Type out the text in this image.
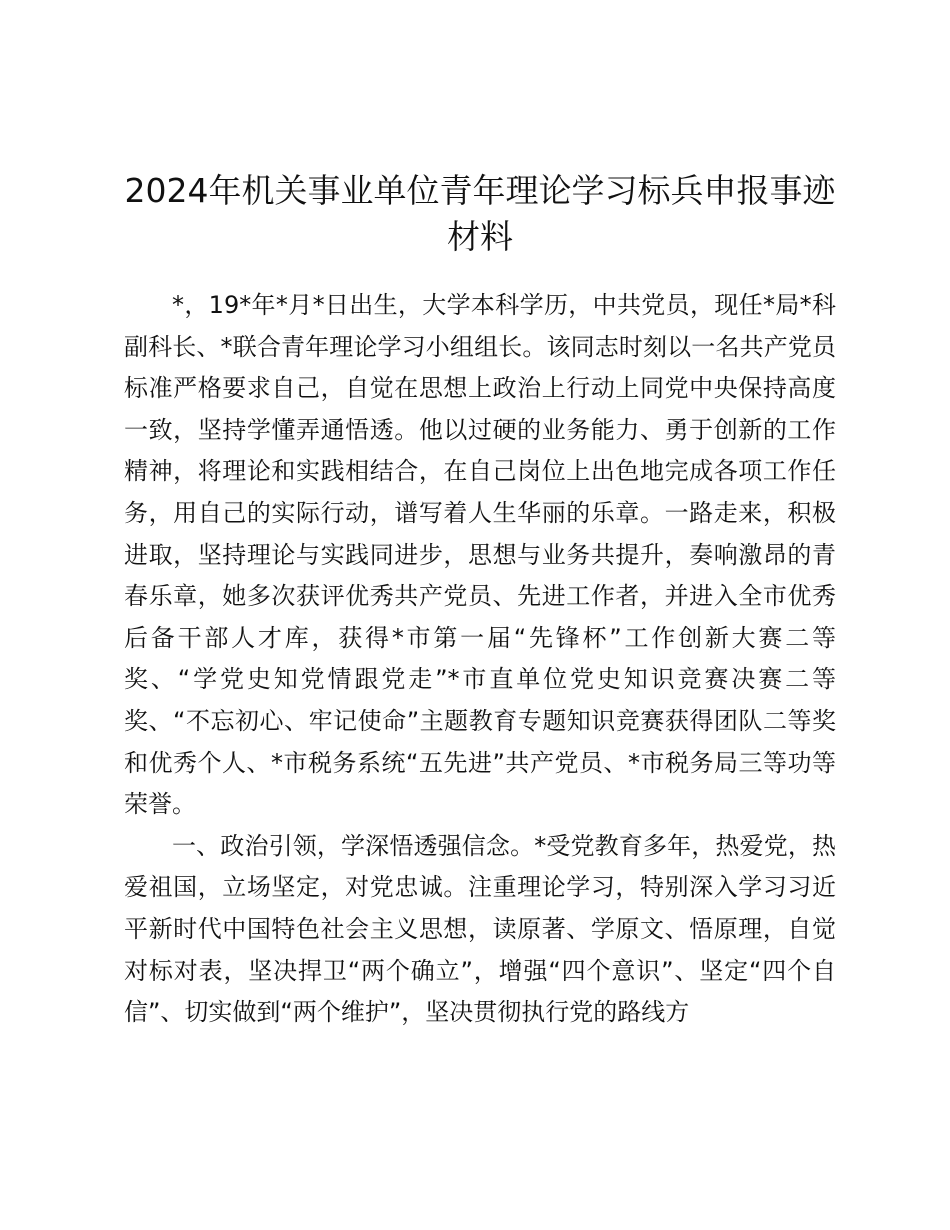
2024年机关事业单位青年理论学习标兵申报事迹材料

*，19*年*月*日出生，大学本科学历，中共党员，现任*局*科副科长、*联合青年理论学习小组组长。该同志时刻以一名共产党员标准严格要求自己，自觉在思想上政治上行动上同党中央保持高度一致，坚持学懂弄通悟透。他以过硬的业务能力、勇于创新的工作精神，将理论和实践相结合，在自己岗位上出色地完成各项工作任务，用自己的实际行动，谱写着人生华丽的乐章。一路走来，积极进取，坚持理论与实践同进步，思想与业务共提升，奏响激昂的青春乐章，她多次获评优秀共产党员、先进工作者，并进入全市优秀后备干部人才库，获得*市第一届“先锋杯”工作创新大赛二等奖、“学党史知党情跟党走”*市直单位党史知识竞赛决赛二等奖、“不忘初心、牢记使命”主题教育专题知识竞赛获得团队二等奖和优秀个人、*市税务系统“五先进”共产党员、*市税务局三等功等荣誉。

一、政治引领，学深悟透强信念。*受党教育多年，热爱党，热爱祖国，立场坚定，对党忠诚。注重理论学习，特别深入学习习近平新时代中国特色社会主义思想，读原著、学原文、悟原理，自觉对标对表，坚决捍卫“两个确立”，增强“四个意识”、坚定“四个自信”、切实做到“两个维护”，坚决贯彻执行党的路线方
